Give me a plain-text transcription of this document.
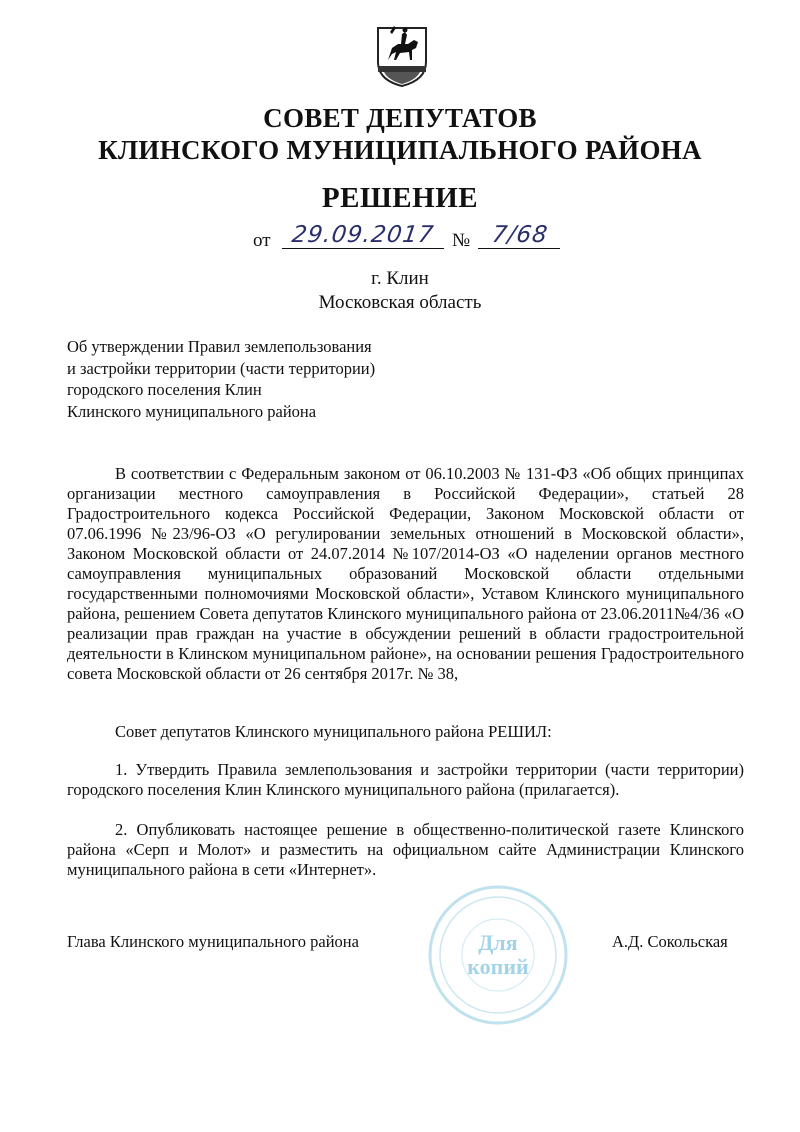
СОВЕТ ДЕПУТАТОВ
КЛИНСКОГО МУНИЦИПАЛЬНОГО РАЙОНА
РЕШЕНИЕ
от 29.09.2017 № 7/68
г. Клин
Московская область
Об утверждении Правил землепользования
и застройки территории (части территории)
городского поселения Клин
Клинского муниципального района
В соответствии с Федеральным законом от 06.10.2003 № 131-ФЗ «Об общих принципах организации местного самоуправления в Российской Федерации», статьей 28 Градостроительного кодекса Российской Федерации, Законом Московской области от 07.06.1996 №23/96-ОЗ «О регулировании земельных отношений в Московской области», Законом Московской области от 24.07.2014 №107/2014-ОЗ «О наделении органов местного самоуправления муниципальных образований Московской области отдельными государственными полномочиями Московской области», Уставом Клинского муниципального района, решением Совета депутатов Клинского муниципального района от 23.06.2011№4/36 «О реализации прав граждан на участие в обсуждении решений в области градостроительной деятельности в Клинском муниципальном районе», на основании решения Градостроительного совета Московской области от 26 сентября 2017г. № 38,
Совет депутатов Клинского муниципального района РЕШИЛ:
1. Утвердить Правила землепользования и застройки территории (части территории) городского поселения Клин Клинского муниципального района (прилагается).
2. Опубликовать настоящее решение в общественно-политической газете Клинского района «Серп и Молот» и разместить на официальном сайте Администрации Клинского муниципального района в сети «Интернет».
Для
копий
Глава Клинского муниципального района	А.Д. Сокольская
